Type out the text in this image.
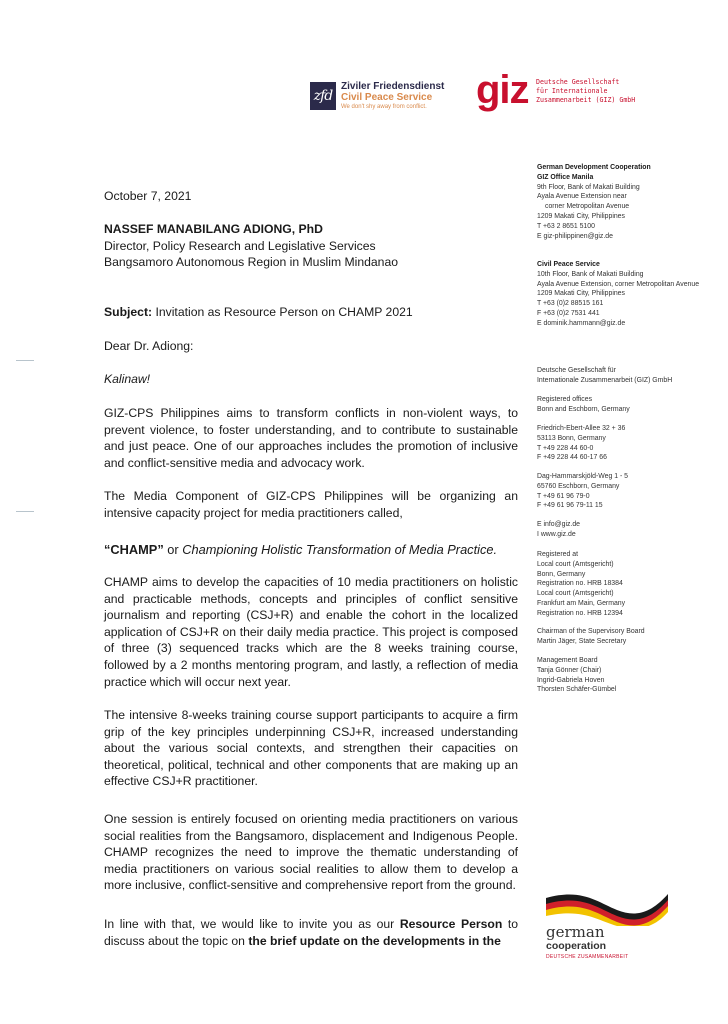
zfd
Ziviler Friedensdienst
Civil Peace Service
We don't shy away from conflict.	giz Deutsche Gesellschaft
für Internationale
Zusammenarbeit (GIZ) GmbH
October 7, 2021
NASSEF MANABILANG ADIONG, PhD
Director, Policy Research and Legislative Services
Bangsamoro Autonomous Region in Muslim Mindanao
Subject: Invitation as Resource Person on CHAMP 2021
Dear Dr. Adiong:
Kalinaw!

GIZ-CPS Philippines aims to transform conflicts in non-violent ways, to prevent violence, to foster understanding, and to contribute to sustainable and just peace. One of our approaches includes the promotion of inclusive and conflict-sensitive media and advocacy work.

The Media Component of GIZ-CPS Philippines will be organizing an intensive capacity project for media practitioners called,

“CHAMP” or Championing Holistic Transformation of Media Practice.

CHAMP aims to develop the capacities of 10 media practitioners on holistic and practicable methods, concepts and principles of conflict sensitive journalism and reporting (CSJ+R) and enable the cohort in the localized application of CSJ+R on their daily media practice. This project is composed of three (3) sequenced tracks which are the 8 weeks training course, followed by a 2 months mentoring program, and lastly, a reflection of media practice which will occur next year.

The intensive 8-weeks training course support participants to acquire a firm grip of the key principles underpinning CSJ+R, increased understanding about the various social contexts, and strengthen their capacities on theoretical, political, technical and other components that are making up an effective CSJ+R practitioner.

One session is entirely focused on orienting media practitioners on various social realities from the Bangsamoro, displacement and Indigenous People. CHAMP recognizes the need to improve the thematic understanding of media practitioners on various social realities to allow them to develop a more inclusive, conflict-sensitive and comprehensive report from the ground.

In line with that, we would like to invite you as our Resource Person to discuss about the topic on the brief update on the developments in the

German Development Cooperation
GIZ Office Manila
9th Floor, Bank of Makati Building
Ayala Avenue Extension near
corner Metropolitan Avenue
1209 Makati City, Philippines
T +63 2 8651 5100
E giz-philippinen@giz.de
Civil Peace Service
10th Floor, Bank of Makati Building
Ayala Avenue Extension, corner Metropolitan Avenue
1209 Makati City, Philippines
T +63 (0)2 88515 161
F +63 (0)2 7531 441
E dominik.hammann@giz.de
Deutsche Gesellschaft für
Internationale Zusammenarbeit (GIZ) GmbH
Registered offices
Bonn and Eschborn, Germany
Friedrich-Ebert-Allee 32 + 36
53113 Bonn, Germany
T +49 228 44 60-0
F +49 228 44 60-17 66
Dag-Hammarskjöld-Weg 1 - 5
65760 Eschborn, Germany
T +49 61 96 79-0
F +49 61 96 79-11 15
E info@giz.de
I www.giz.de
Registered at
Local court (Amtsgericht)
Bonn, Germany
Registration no. HRB 18384
Local court (Amtsgericht)
Frankfurt am Main, Germany
Registration no. HRB 12394
Chairman of the Supervisory Board
Martin Jäger, State Secretary
Management Board
Tanja Gönner (Chair)
Ingrid-Gabriela Hoven
Thorsten Schäfer-Gümbel
german
cooperation
DEUTSCHE ZUSAMMENARBEIT
